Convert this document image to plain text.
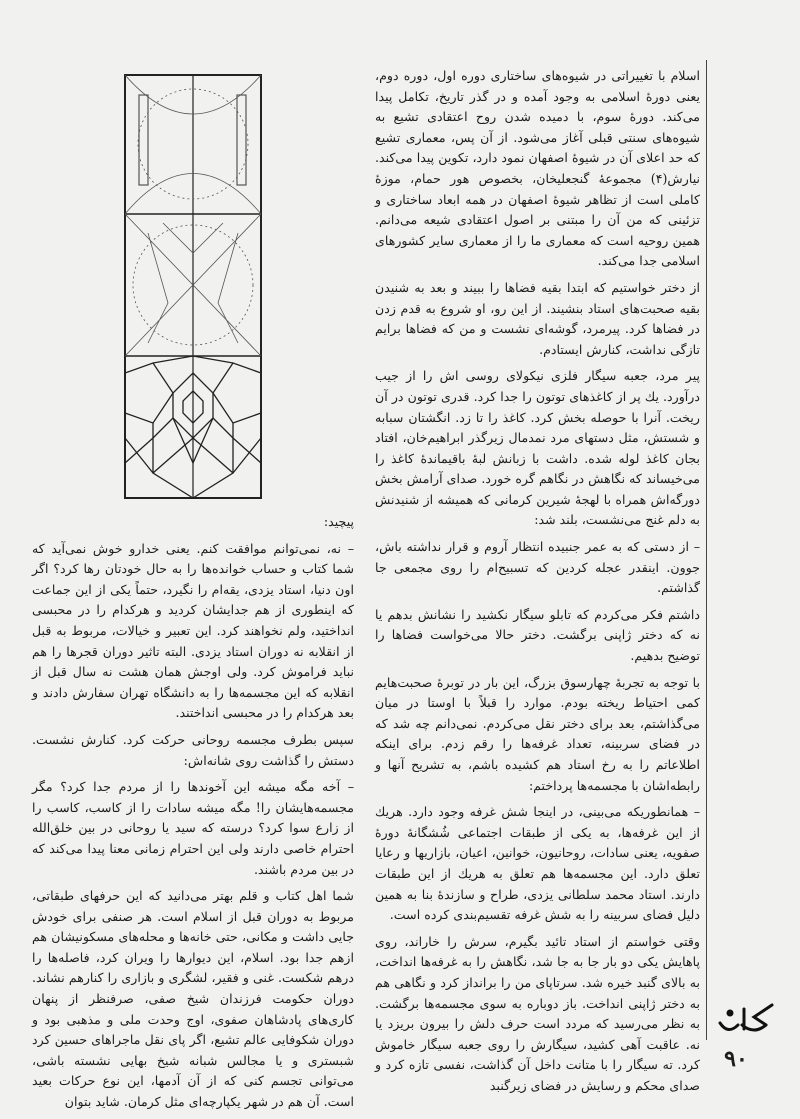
اسلام با تغییراتی در شیوه‌های ساختاری دوره اول، دوره دوم، یعنی دورهٔ اسلامی به وجود آمده و در گذر تاریخ، تکامل پیدا می‌کند. دورهٔ سوم، با دمیده شدن روح اعتقادی تشیع به شیوه‌های سنتی قبلی آغاز می‌شود. از آن پس، معماری تشیع که حد اعلای آن در شیوهٔ اصفهان نمود دارد، تکوین پیدا می‌کند. نیارش(۴) مجموعهٔ گنجعلیخان، بخصوص هور حمام، موزهٔ کاملی است از تظاهر شیوهٔ اصفهان در همه ابعاد ساختاری و تزئینی که من آن را مبتنی بر اصول اعتقادی شیعه می‌دانم. همین روحیه است که معماری ما را از معماری سایر کشورهای اسلامی جدا می‌کند.

از دختر خواستیم که ابتدا بقیه فضاها را ببیند و بعد به شنیدن بقیه صحبت‌های استاد بنشیند. از این رو، او شروع به قدم زدن در فضاها کرد. پیرمرد، گوشه‌ای نشست و من که فضاها برایم تازگی نداشت، کنارش ایستادم.

پیر مرد، جعبه سیگار فلزی نیکولای روسی اش را از جیب درآورد. یك پر از کاغذهای توتون را جدا کرد. قدری توتون در آن ریخت. آنرا با حوصله بخش کرد. کاغذ را تا زد. انگشتان سبابه و شستش، مثل دستهای مرد نمدمال زیرگذر ابراهیم‌خان، افتاد بجان کاغذ لوله شده. داشت با زبانش لبهٔ باقیماندهٔ کاغذ را می‌خیساند که نگاهش در نگاهم گره خورد. صدای آرامش بخش دورگه‌اش همراه با لهجهٔ شیرین کرمانی که همیشه از شنیدنش به دلم غنج می‌نشست، بلند شد:

– از دستی که به عمر جنبیده انتظار آروم و قرار نداشته باش، جوون. اینقدر عجله کردین که تسبیح‌ام را روی مجمعی جا گذاشتم.

داشتم فکر می‌کردم که تابلو سیگار نکشید را نشانش بدهم یا نه که دختر ژاپنی برگشت. دختر حالا می‌خواست فضاها را توضیح بدهیم.

با توجه به تجربهٔ چهارسوق بزرگ، این بار در توبرهٔ صحبت‌هایم کمی احتیاط ریخته بودم. موارد را قبلاً با اوستا در میان می‌گذاشتم، بعد برای دختر نقل می‌کردم. نمی‌دانم چه شد که در فضای سربینه، تعداد غرفه‌ها را رقم زدم. برای اینکه اطلاعاتم را به رخ استاد هم کشیده باشم، به تشریح آنها و رابطه‌اشان با مجسمه‌ها پرداختم:

– همانطوریکه می‌بینی، در اینجا شش غرفه وجود دارد. هریك از این غرفه‌ها، به یکی از طبقات اجتماعی شُشگانهٔ دورهٔ صفویه، یعنی سادات، روحانیون، خوانین، اعیان، بازاریها و رعایا تعلق دارد. این مجسمه‌ها هم تعلق به هریك از این طبقات دارند. استاد محمد سلطانی یزدی، طراح و سازندهٔ بنا به همین دلیل فضای سربینه را به شش غرفه تقسیم‌بندی کرده است.

وقتی خواستم از استاد تائید بگیرم، سرش را خاراند، روی پاهایش یکی دو بار جا به جا شد، نگاهش را به غرفه‌ها انداخت، به بالای گنبد خیره شد. سرتاپای من را برانداز کرد و نگاهی هم به دختر ژاپنی انداخت. باز دوباره به سوی مجسمه‌ها برگشت. به نظر می‌رسید که مردد است حرف دلش را بیرون بریزد یا نه. عاقبت آهی کشید، سیگارش را روی جعبه سیگار خاموش کرد. ته سیگار را با متانت داخل آن گذاشت، نفسی تازه کرد و صدای محکم و رسایش در فضای زیرگنبد

پیچید:

– نه، نمی‌توانم موافقت کنم. یعنی خدارو خوش نمی‌آید که شما کتاب و حساب خوانده‌ها را به حال خودتان رها کرد؟ اگر اون دنیا، استاد یزدی، یقه‌ام را نگیرد، حتماً یکی از این جماعت که اینطوری از هم جدایشان کردید و هرکدام را در محبسی انداختید، ولم نخواهند کرد. این تعبیر و خیالات، مربوط به قبل از انقلابه نه دوران استاد یزدی. البته تاثیر دوران قجرها را هم نباید فراموش کرد. ولی اوجش همان هشت نه سال قبل از انقلابه که این مجسمه‌ها را به دانشگاه تهران سفارش دادند و بعد هرکدام را در محبسی انداختند.

سپس بطرف مجسمه روحانی حرکت کرد. کنارش نشست. دستش را گذاشت روی شانه‌اش:

– آخه مگه میشه این آخوندها را از مردم جدا کرد؟ مگر مجسمه‌هایشان را! مگه میشه سادات را از کاسب، کاسب را از زارع سوا کرد؟ درسته که سید یا روحانی در بین خلق‌الله احترام خاصی دارند ولی این احترام زمانی معنا پیدا می‌کند که در بین مردم باشند.

شما اهل کتاب و قلم بهتر می‌دانید که این حرفهای طبقاتی، مربوط به دوران قبل از اسلام است. هر صنفی برای خودش جایی داشت و مکانی، حتی خانه‌ها و محله‌های مسکونیشان هم ازهم جدا بود. اسلام، این دیوارها را ویران کرد، فاصله‌ها را درهم شکست. غنی و فقیر، لشگری و بازاری را کنارهم نشاند. دوران حکومت فرزندان شیخ صفی، صرفنظر از پنهان کاری‌های پادشاهان صفوی، اوج وحدت ملی و مذهبی بود و دوران شکوفایی عالم تشیع، اگر پای نقل ماجراهای حسین کرد شبستری و یا مجالس شبانه شیخ بهایی نشسته باشی، می‌توانی تجسم کنی که از آن آدمها، این نوع حرکات بعید است. آن هم در شهر یکپارچه‌ای مثل کرمان. شاید بتوان

۹۰
